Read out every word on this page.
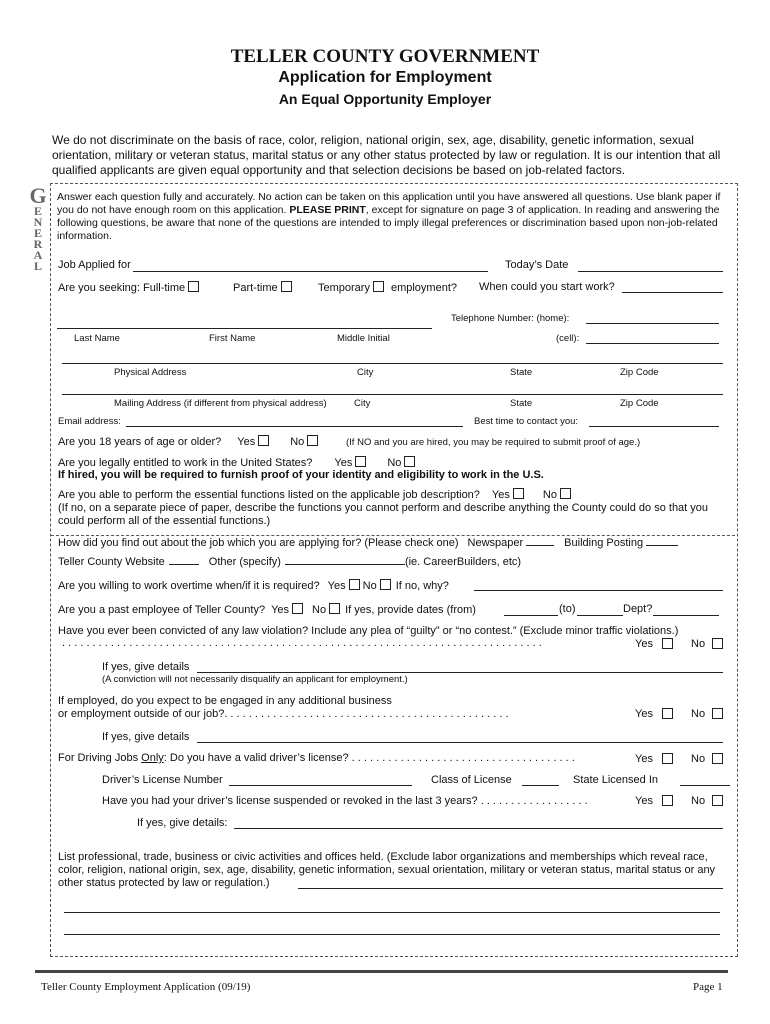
TELLER COUNTY GOVERNMENT
Application for Employment
An Equal Opportunity Employer
We do not discriminate on the basis of race, color, religion, national origin, sex, age, disability, genetic information, sexual orientation, military or veteran status, marital status or any other status protected by law or regulation. It is our intention that all qualified applicants are given equal opportunity and that selection decisions be based on job-related factors.
G
E
N
E
R
A
L
Answer each question fully and accurately. No action can be taken on this application until you have answered all questions. Use blank paper if you do not have enough room on this application. PLEASE PRINT, except for signature on page 3 of application. In reading and answering the following questions, be aware that none of the questions are intended to imply illegal preferences or discrimination based upon non-job-related information.
Job Applied for	Today’s Date
Are you seeking: Full-time	Part-time	Temporary employment? When could you start work?
Telephone Number: (home):
Last Name	First Name	Middle Initial	(cell):
Physical Address	City	State	Zip Code
Mailing Address (if different from physical address)	City	State	Zip Code
Email address:	Best time to contact you:
Are you 18 years of age or older? Yes	No	(If NO and you are hired, you may be required to submit proof of age.)
Are you legally entitled to work in the United States? Yes	No
If hired, you will be required to furnish proof of your identity and eligibility to work in the U.S.
Are you able to perform the essential functions listed on the applicable job description? Yes	No
(If no, on a separate piece of paper, describe the functions you cannot perform and describe anything the County could do so that you could perform all of the essential functions.)
How did you find out about the job which you are applying for? (Please check one) Newspaper	Building Posting
Teller County Website	Other (specify)	(ie. CareerBuilders, etc)
Are you willing to work overtime when/if it is required? Yes No If no, why?
Are you a past employee of Teller County? Yes No If yes, provide dates (from)	(to)	Dept?
Have you ever been convicted of any law violation? Include any plea of “guilty” or “no contest.” (Exclude minor traffic violations.)
. . . . . . . . . . . . . . . . . . . . . . . . . . . . . . . . . . . . . . . . . . . . . . . . . . . . . . . . . . . . . . . . . . . . . . . . . . . . . . .	Yes	No
If yes, give details
(A conviction will not necessarily disqualify an applicant for employment.)
If employed, do you expect to be engaged in any additional business
or employment outside of our job?. . . . . . . . . . . . . . . . . . . . . . . . . . . . . . . . . . . . . . . . . . . . . . .	Yes	No
If yes, give details
For Driving Jobs Only: Do you have a valid driver’s license? . . . . . . . . . . . . . . . . . . . . . . . . . . . . . . . . . . . . .	Yes	No
Driver’s License Number	Class of License	State Licensed In
Have you had your driver’s license suspended or revoked in the last 3 years? . . . . . . . . . . . . . . . . . .	Yes	No
If yes, give details:
List professional, trade, business or civic activities and offices held. (Exclude labor organizations and memberships which reveal race, color, religion, national origin, sex, age, disability, genetic information, sexual orientation, military or veteran status, marital status or any other status protected by law or regulation.)
Teller County Employment Application (09/19)	Page 1
